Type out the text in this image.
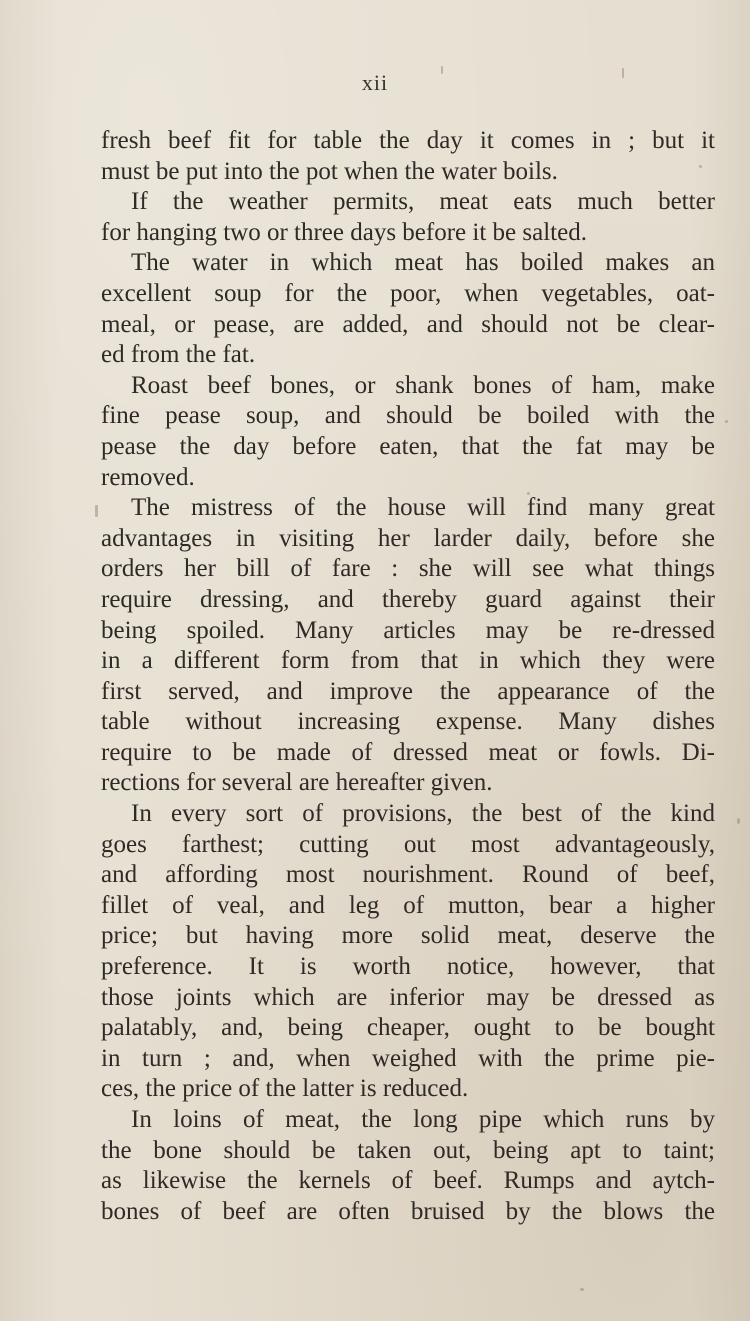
xii
fresh beef fit for table the day it comes in ; but it
must be put into the pot when the water boils.
If the weather permits, meat eats much better
for hanging two or three days before it be salted.
The water in which meat has boiled makes an
excellent soup for the poor, when vegetables, oat-
meal, or pease, are added, and should not be clear-
ed from the fat.
Roast beef bones, or shank bones of ham, make
fine pease soup, and should be boiled with the
pease the day before eaten, that the fat may be
removed.
The mistress of the house will find many great
advantages in visiting her larder daily, before she
orders her bill of fare : she will see what things
require dressing, and thereby guard against their
being spoiled. Many articles may be re-dressed
in a different form from that in which they were
first served, and improve the appearance of the
table without increasing expense. Many dishes
require to be made of dressed meat or fowls. Di-
rections for several are hereafter given.
In every sort of provisions, the best of the kind
goes farthest; cutting out most advantageously,
and affording most nourishment. Round of beef,
fillet of veal, and leg of mutton, bear a higher
price; but having more solid meat, deserve the
preference. It is worth notice, however, that
those joints which are inferior may be dressed as
palatably, and, being cheaper, ought to be bought
in turn ; and, when weighed with the prime pie-
ces, the price of the latter is reduced.
In loins of meat, the long pipe which runs by
the bone should be taken out, being apt to taint;
as likewise the kernels of beef. Rumps and aytch-
bones of beef are often bruised by the blows the
